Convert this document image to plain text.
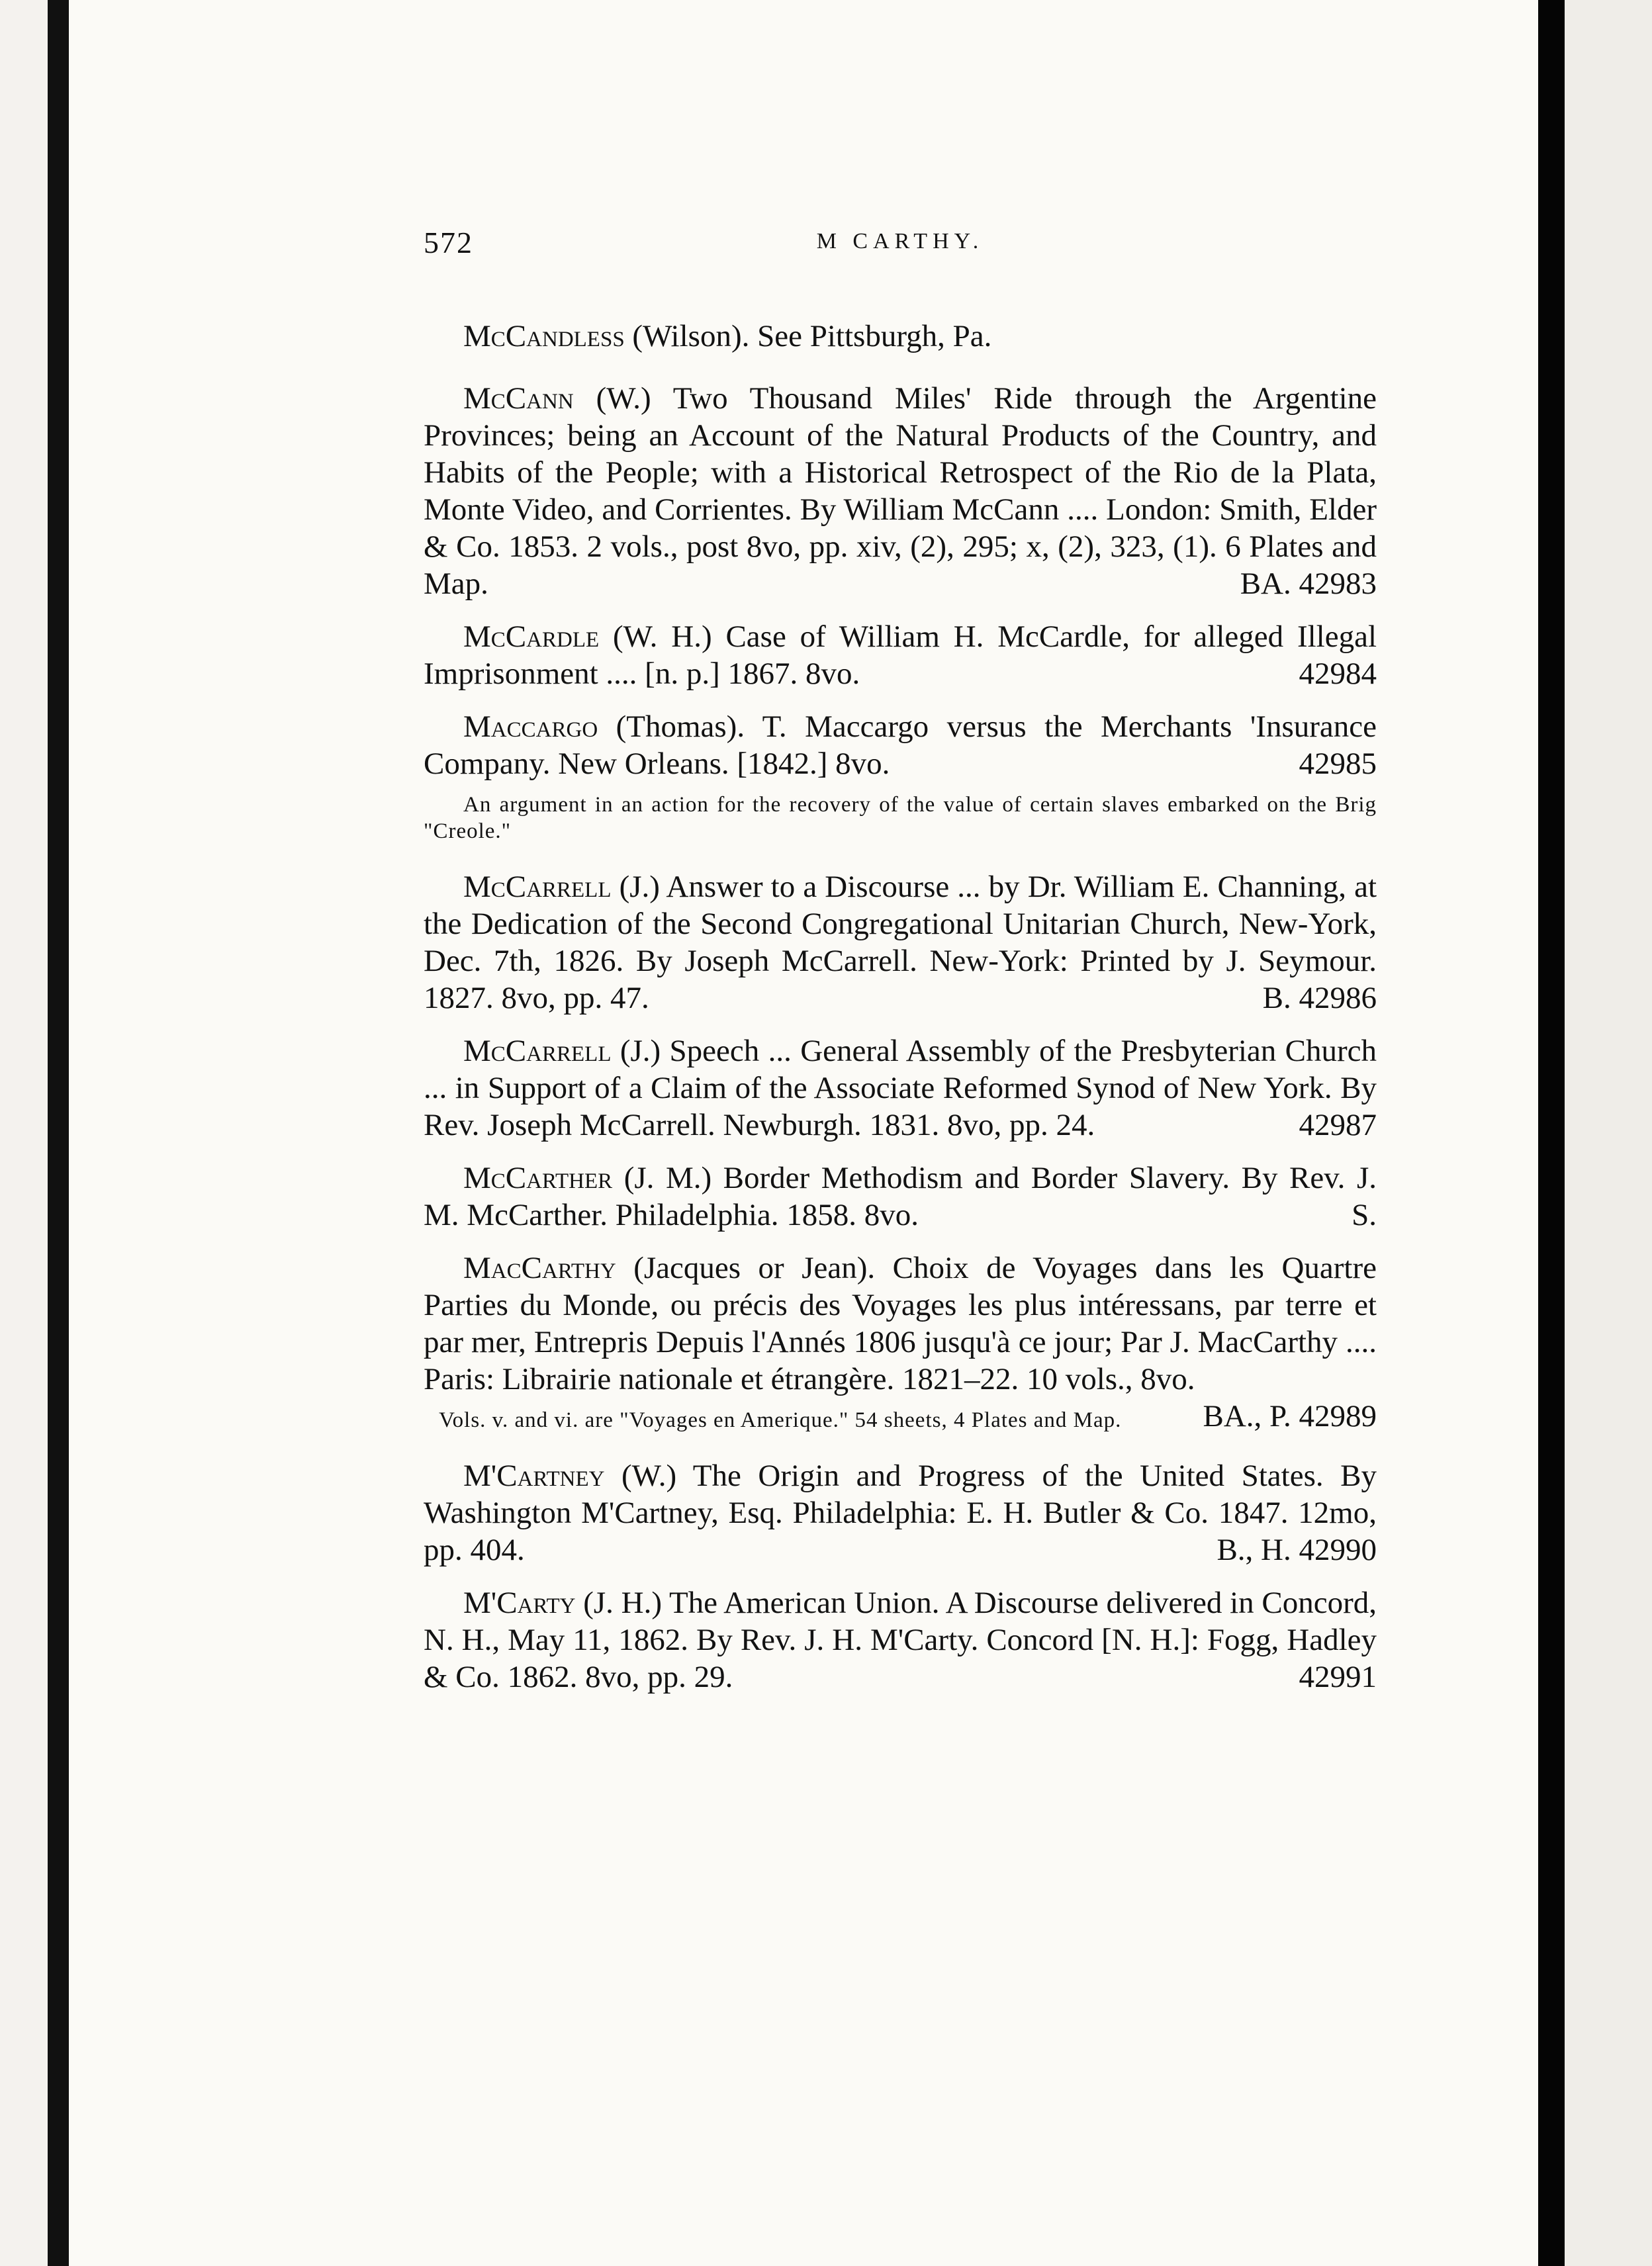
572	M CARTHY.

McCandless (Wilson). See Pittsburgh, Pa.

McCann (W.) Two Thousand Miles' Ride through the Argentine Provinces; being an Account of the Natural Products of the Country, and Habits of the People; with a Historical Retrospect of the Rio de la Plata, Monte Video, and Corrientes. By William McCann .... London: Smith, Elder & Co. 1853. 2 vols., post 8vo, pp. xiv, (2), 295; x, (2), 323, (1). 6 Plates and Map.	BA. 42983

McCardle (W. H.) Case of William H. McCardle, for alleged Illegal Imprisonment .... [n. p.] 1867. 8vo.	42984

Maccargo (Thomas). T. Maccargo versus the Merchants 'Insurance Company. New Orleans. [1842.] 8vo.	42985

An argument in an action for the recovery of the value of certain slaves embarked on the Brig "Creole."

McCarrell (J.) Answer to a Discourse ... by Dr. William E. Channing, at the Dedication of the Second Congregational Unitarian Church, New-York, Dec. 7th, 1826. By Joseph McCarrell. New-York: Printed by J. Seymour. 1827. 8vo, pp. 47.	B. 42986

McCarrell (J.) Speech ... General Assembly of the Presbyterian Church ... in Support of a Claim of the Associate Reformed Synod of New York. By Rev. Joseph McCarrell. Newburgh. 1831. 8vo, pp. 24.	42987

McCarther (J. M.) Border Methodism and Border Slavery. By Rev. J. M. McCarther. Philadelphia. 1858. 8vo.	S.

MacCarthy (Jacques or Jean). Choix de Voyages dans les Quartre Parties du Monde, ou précis des Voyages les plus intéressans, par terre et par mer, Entrepris Depuis l'Annés 1806 jusqu'à ce jour; Par J. MacCarthy .... Paris: Librairie nationale et étrangère. 1821–22. 10 vols., 8vo.
BA., P. 42989

Vols. v. and vi. are "Voyages en Amerique." 54 sheets, 4 Plates and Map.

M'Cartney (W.) The Origin and Progress of the United States. By Washington M'Cartney, Esq. Philadelphia: E. H. Butler & Co. 1847. 12mo, pp. 404.	B., H. 42990

M'Carty (J. H.) The American Union. A Discourse delivered in Concord, N. H., May 11, 1862. By Rev. J. H. M'Carty. Concord [N. H.]: Fogg, Hadley & Co. 1862. 8vo, pp. 29.	42991
